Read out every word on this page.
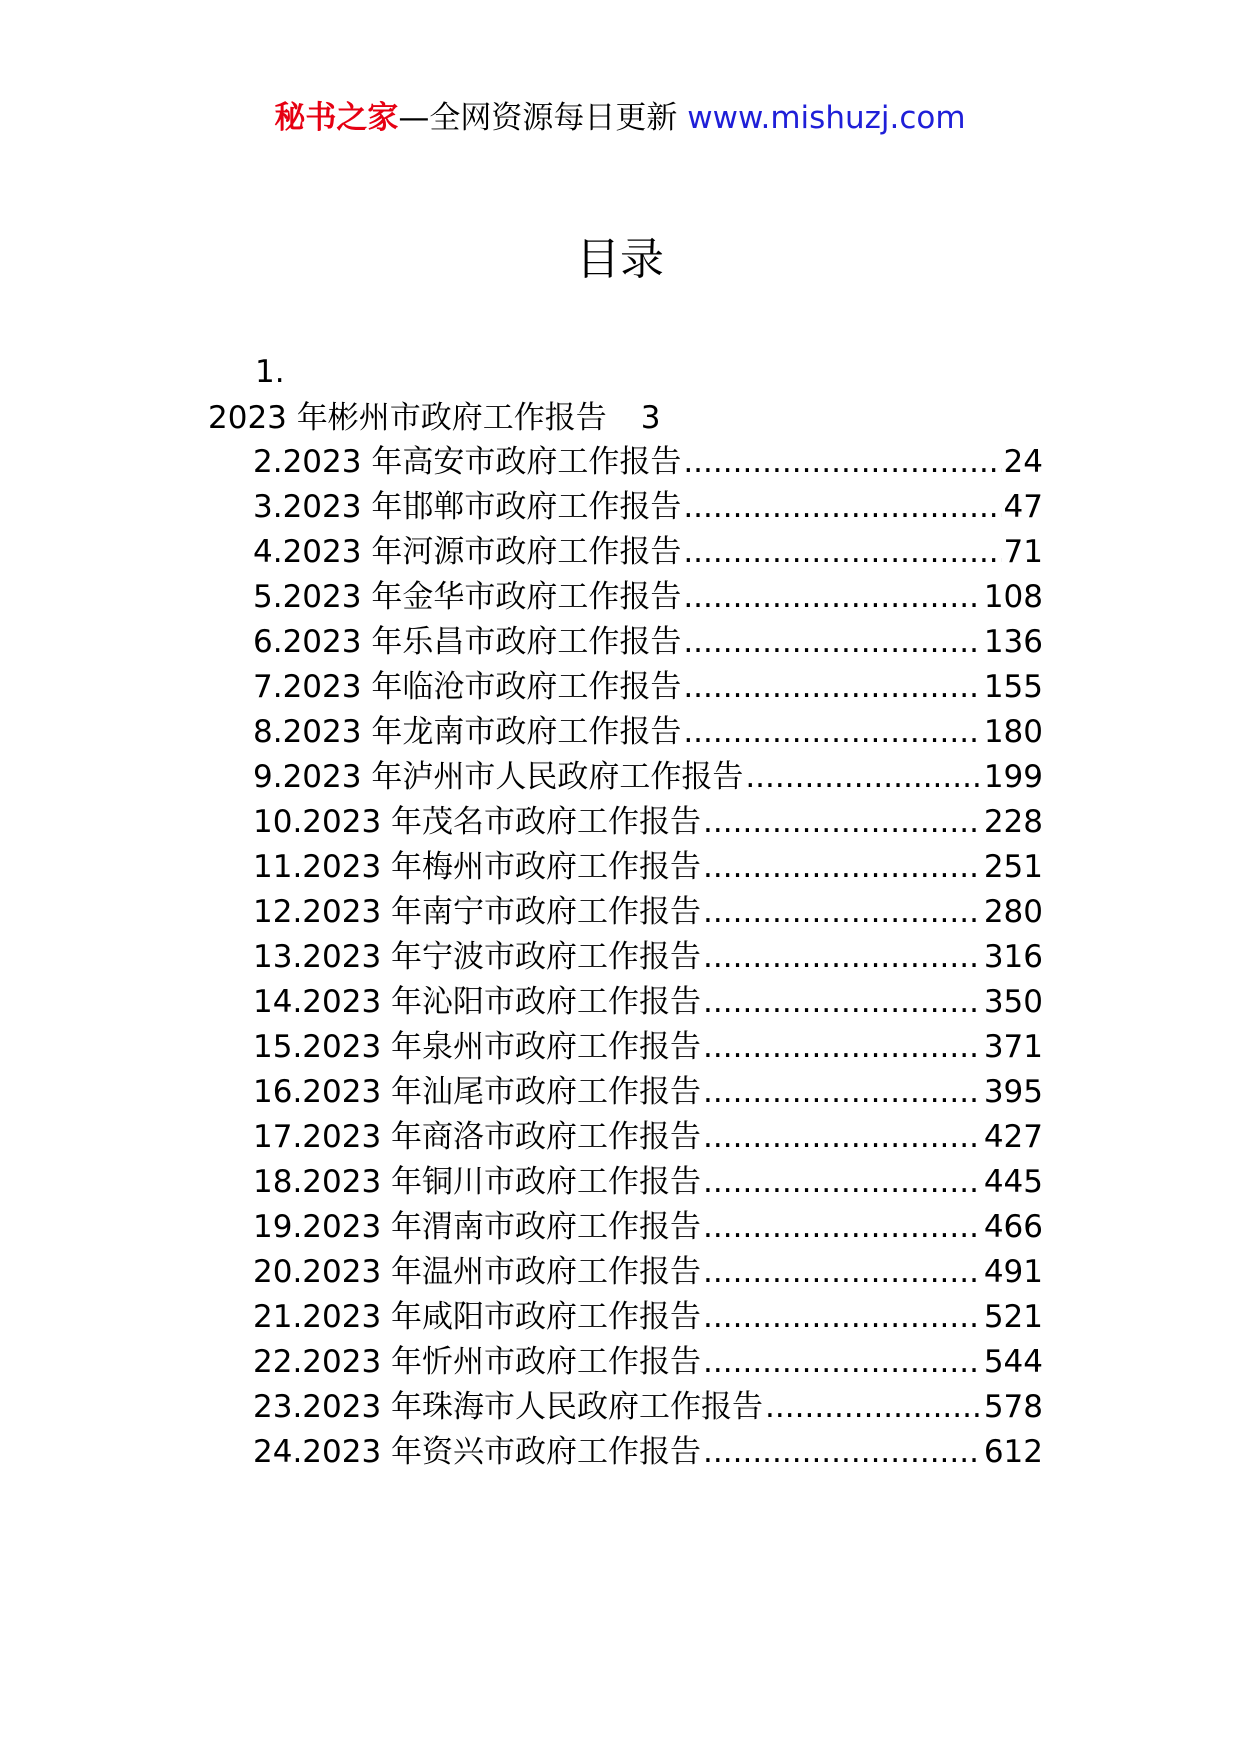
秘书之家—全网资源每日更新 www.mishuzj.com
目录
1.
2023 年彬州市政府工作报告 3
2.2023 年高安市政府工作报告 .....	24
3.2023 年邯郸市政府工作报告 .....	47
4.2023 年河源市政府工作报告 .....	71
5.2023 年金华市政府工作报告 .....	108
6.2023 年乐昌市政府工作报告 .....	136
7.2023 年临沧市政府工作报告 .....	155
8.2023 年龙南市政府工作报告 .....	180
9.2023 年泸州市人民政府工作报告 .....	199
10.2023 年茂名市政府工作报告 .....	228
11.2023 年梅州市政府工作报告 .....	251
12.2023 年南宁市政府工作报告 .....	280
13.2023 年宁波市政府工作报告 .....	316
14.2023 年沁阳市政府工作报告 .....	350
15.2023 年泉州市政府工作报告 .....	371
16.2023 年汕尾市政府工作报告 .....	395
17.2023 年商洛市政府工作报告 .....	427
18.2023 年铜川市政府工作报告 .....	445
19.2023 年渭南市政府工作报告 .....	466
20.2023 年温州市政府工作报告 .....	491
21.2023 年咸阳市政府工作报告 .....	521
22.2023 年忻州市政府工作报告 .....	544
23.2023 年珠海市人民政府工作报告 .....	578
24.2023 年资兴市政府工作报告 .....	612
